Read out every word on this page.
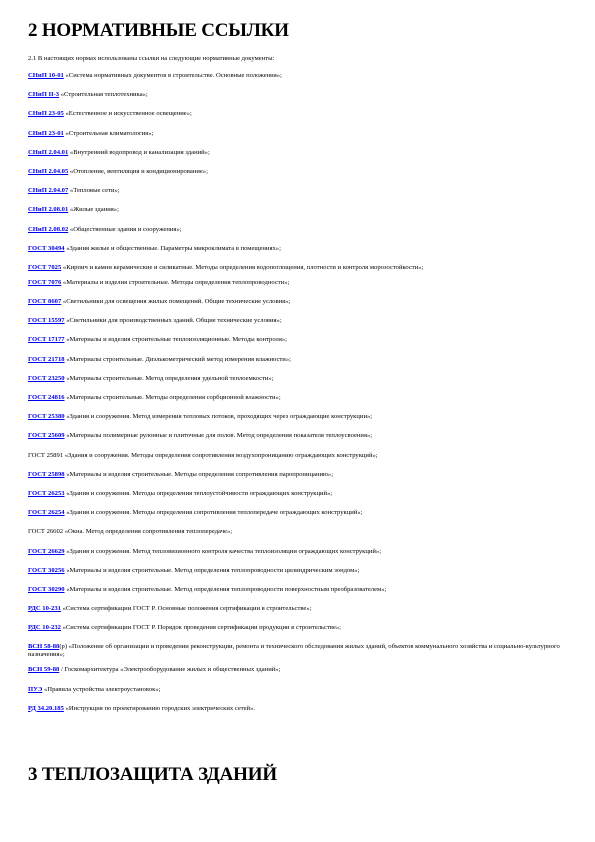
2 НОРМАТИВНЫЕ ССЫЛКИ
2.1 В настоящих нормах использованы ссылки на следующие нормативные документы:
СНиП 10-01 «Система нормативных документов в строительстве. Основные положения»;
СНиП II-3 «Строительная теплотехника»;
СНиП 23-05 «Естественное и искусственное освещение»;
СНиП 23-01 «Строительная климатология»;
СНиП 2.04.01 «Внутренний водопровод и канализация зданий»;
СНиП 2.04.05 «Отопление, вентиляция и кондиционирование»;
СНиП 2.04.07 «Тепловые сети»;
СНиП 2.08.01 «Жилые здания»;
СНиП 2.08.02 «Общественные здания и сооружения»;
ГОСТ 30494 «Здания жилые и общественные. Параметры микроклимата в помещениях»;
ГОСТ 7025 «Кирпич и камни керамические и силикатные. Методы определения водопоглощения, плотности и контроля морозостойкости»;
ГОСТ 7076 «Материалы и изделия строительные. Методы определения теплопроводности»;
ГОСТ 8607 «Светильники для освещения жилых помещений. Общие технические условия»;
ГОСТ 15597 «Светильники для производственных зданий. Общие технические условия»;
ГОСТ 17177 «Материалы и изделия строительные теплоизоляционные. Методы контроля»;
ГОСТ 21718 «Материалы строительные. Диэлькометрический метод измерения влажности»;
ГОСТ 23250 «Материалы строительные. Метод определения удельной теплоемкости»;
ГОСТ 24816 «Материалы строительные. Методы определения сорбционной влажности»;
ГОСТ 25380 «Здания и сооружения. Метод измерения тепловых потоков, проходящих через ограждающие конструкции»;
ГОСТ 25609 «Материалы полимерные рулонные и плиточные для полов. Метод определения показателя теплоусвоения»;
ГОСТ 25891 «Здания и сооружения. Методы определения сопротивления воздухопроницанию ограждающих конструкций»;
ГОСТ 25898 «Материалы и изделия строительные. Методы определения сопротивления паропроницанию»;
ГОСТ 26253 «Здания и сооружения. Методы определения теплоустойчивости ограждающих конструкций»;
ГОСТ 26254 «Здания и сооружения. Методы определения сопротивления теплопередаче ограждающих конструкций»;
ГОСТ 26602 «Окна. Метод определения сопротивления теплопередаче»;
ГОСТ 26629 «Здания и сооружения. Метод тепловизионного контроля качества теплоизоляции ограждающих конструкций»;
ГОСТ 30256 «Материалы и изделия строительные. Метод определения теплопроводности цилиндрическим зондом»;
ГОСТ 30290 «Материалы и изделия строительные. Метод определения теплопроводности поверхностным преобразователем»;
РДС 10-231 «Система сертификации ГОСТ Р. Основные положения сертификации в строительстве»;
РДС 10-232 «Система сертификации ГОСТ Р. Порядок проведения сертификации продукции в строительстве»;
ВСН 58-88(р) «Положение об организации и проведении реконструкции, ремонта и технического обследования жилых зданий, объектов коммунального хозяйства и социально-культурного назначения»;
ВСН 59-88 / Госкомархитектура «Электрооборудование жилых и общественных зданий»;
ПУЭ «Правила устройства электроустановок»;
РД 34.20.185 «Инструкция по проектированию городских электрических сетей».
3 ТЕПЛОЗАЩИТА ЗДАНИЙ
